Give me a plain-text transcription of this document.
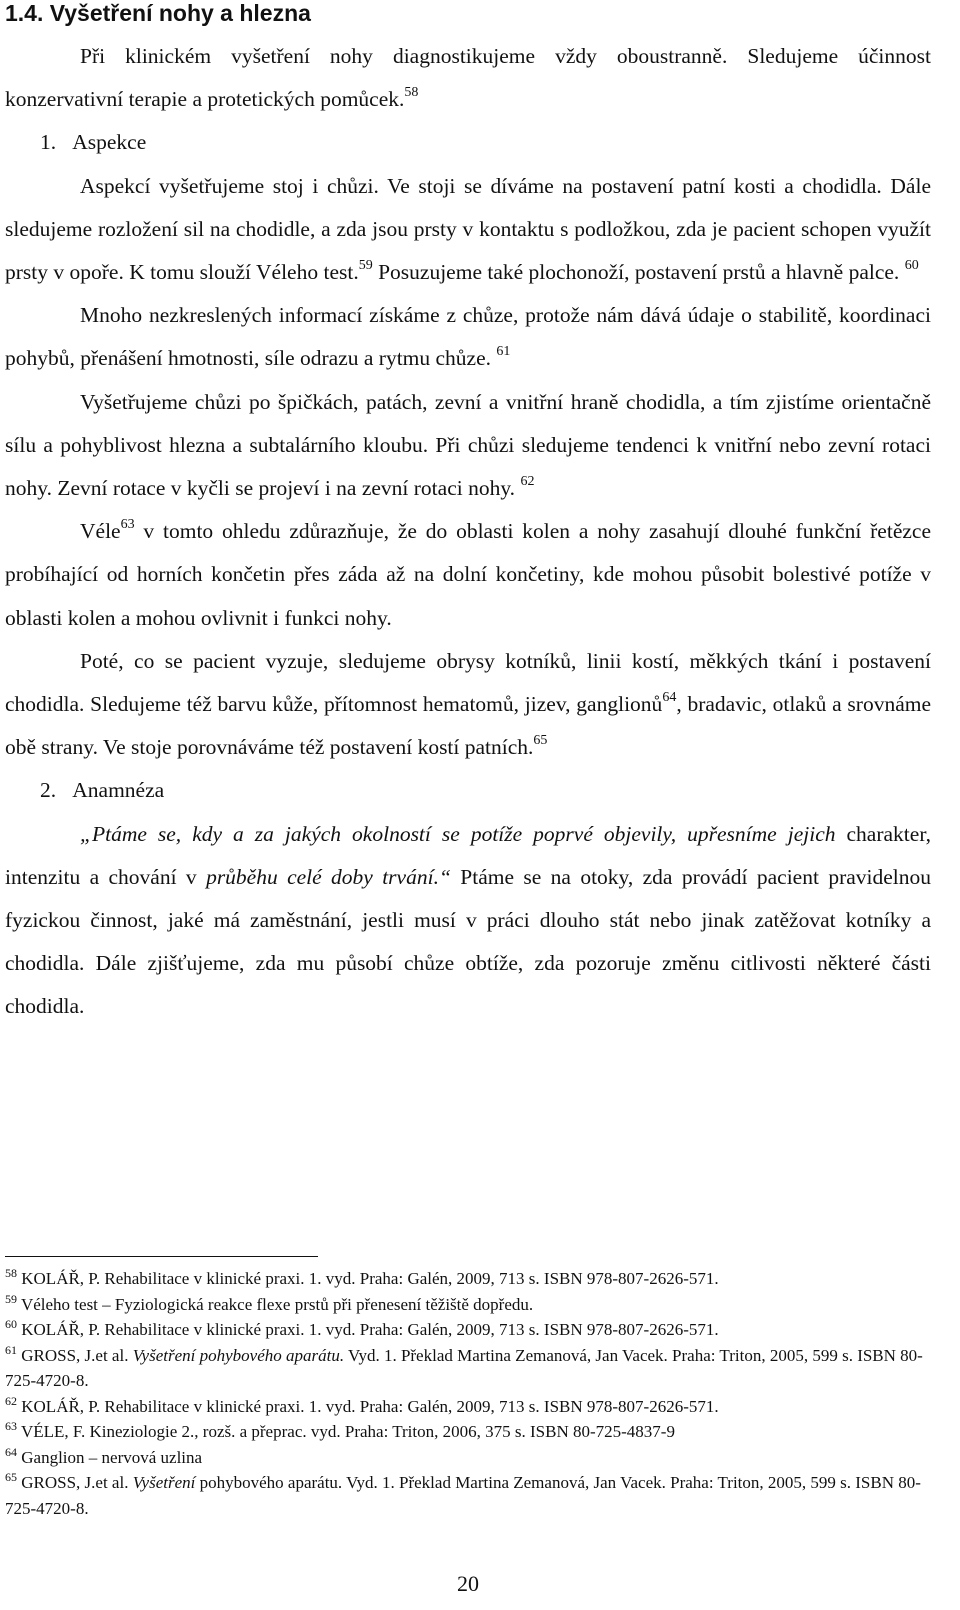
1.4. Vyšetření nohy a hlezna

Při klinickém vyšetření nohy diagnostikujeme vždy oboustranně. Sledujeme účinnost konzervativní terapie a protetických pomůcek.$^{58}$

1. Aspekce

Aspekcí vyšetřujeme stoj i chůzi. Ve stoji se díváme na postavení patní kosti a chodidla. Dále sledujeme rozložení sil na chodidle, a zda jsou prsty v kontaktu s podložkou, zda je pacient schopen využít prsty v opoře. K tomu slouží Véleho test.$^{59}$ Posuzujeme také plochonoží, postavení prstů a hlavně palce. $^{60}$

Mnoho nezkreslených informací získáme z chůze, protože nám dává údaje o stabilitě, koordinaci pohybů, přenášení hmotnosti, síle odrazu a rytmu chůze. $^{61}$

Vyšetřujeme chůzi po špičkách, patách, zevní a vnitřní hraně chodidla, a tím zjistíme orientačně sílu a pohyblivost hlezna a subtalárního kloubu. Při chůzi sledujeme tendenci k vnitřní nebo zevní rotaci nohy. Zevní rotace v kyčli se projeví i na zevní rotaci nohy. $^{62}$

Véle$^{63}$ v tomto ohledu zdůrazňuje, že do oblasti kolen a nohy zasahují dlouhé funkční řetězce probíhající od horních končetin přes záda až na dolní končetiny, kde mohou působit bolestivé potíže v oblasti kolen a mohou ovlivnit i funkci nohy.

Poté, co se pacient vyzuje, sledujeme obrysy kotníků, linii kostí, měkkých tkání i postavení chodidla. Sledujeme též barvu kůže, přítomnost hematomů, jizev, ganglionů$^{64}$, bradavic, otlaků a srovnáme obě strany. Ve stoje porovnáváme též postavení kostí patních.$^{65}$

2. Anamnéza

„Ptáme se, kdy a za jakých okolností se potíže poprvé objevily, upřesníme jejich charakter, intenzitu a chování v průběhu celé doby trvání.“ Ptáme se na otoky, zda provádí pacient pravidelnou fyzickou činnost, jaké má zaměstnání, jestli musí v práci dlouho stát nebo jinak zatěžovat kotníky a chodidla. Dále zjišťujeme, zda mu působí chůze obtíže, zda pozoruje změnu citlivosti některé části chodidla.

$^{58}$ KOLÁŘ, P. Rehabilitace v klinické praxi. 1. vyd. Praha: Galén, 2009, 713 s. ISBN 978-807-2626-571.

$^{59}$ Véleho test – Fyziologická reakce flexe prstů při přenesení těžiště dopředu.

$^{60}$ KOLÁŘ, P. Rehabilitace v klinické praxi. 1. vyd. Praha: Galén, 2009, 713 s. ISBN 978-807-2626-571.

$^{61}$ GROSS, J.et al. Vyšetření pohybového aparátu. Vyd. 1. Překlad Martina Zemanová, Jan Vacek. Praha: Triton, 2005, 599 s. ISBN 80-725-4720-8.

$^{62}$ KOLÁŘ, P. Rehabilitace v klinické praxi. 1. vyd. Praha: Galén, 2009, 713 s. ISBN 978-807-2626-571.

$^{63}$ VÉLE, F. Kineziologie 2., rozš. a přeprac. vyd. Praha: Triton, 2006, 375 s. ISBN 80-725-4837-9

$^{64}$ Ganglion – nervová uzlina

$^{65}$ GROSS, J.et al. Vyšetření pohybového aparátu. Vyd. 1. Překlad Martina Zemanová, Jan Vacek. Praha: Triton, 2005, 599 s. ISBN 80-725-4720-8.

20
